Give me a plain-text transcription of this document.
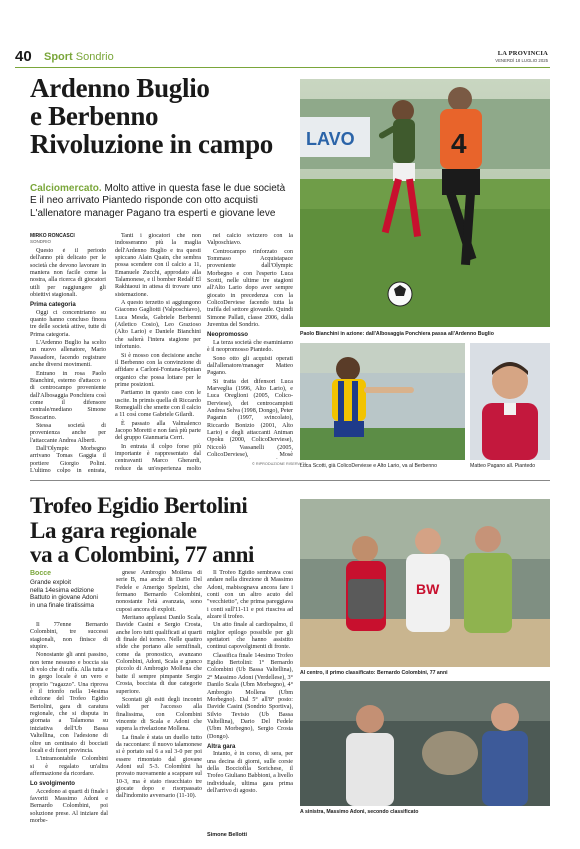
40 Sport Sondrio	LA PROVINCIA
VENERDÌ 18 LUGLIO 2025
Ardenno Buglio
e Berbenno
Rivoluzione in campo
Calciomercato. Molto attive in questa fase le due società E il neo arrivato Piantedo risponde con otto acquisti L'allenatore manager Pagano tra esperti e giovane leve
MIRKO RONCASCI
SONDRIO

Questo è il periodo dell'anno più delicato per le società che devono lavorare in maniera non facile come la nostra, alla ricerca di giocatori utili per raggiungere gli obiettivi stagionali.

Prima categoria

Oggi ci concentriamo su quanto hanno concluso finora tre delle società attive, tutte di Prima categoria.

L'Ardenno Buglio ha scelto un nuovo allenatore, Mario Passadore, facendo registrare anche diversi movimenti.

Entrano in rosa Paolo Bianchini, esterno d'attacco o di centrocampo proveniente dall'Albosaggia Ponchiera così come il difensore centrale/mediano Simone Boscarino.

Stessa società di provenienza anche per l'attaccante Andrea Alberti.

Dall'Olympic Morbegno arrivano Tomas Gaggia il portiere Giorgio Polini. L'ultimo colpo in entrata,

Tanti i giocatori che non indosseranno più la maglia dell'Ardenno Buglio e tra questi spiccano Alain Quain, che sembra possa scendere con il calcio a 11, Emanuele Zucchi, approdato alla Talamonese, e il bomber Redalf El Rakhtaoui in attesa di trovare uno sistemazione.

A questo terzetto si aggiungono Giacomo Gagliotti (Valposchiavo), Luca Mesda, Gabriele Berbenni (Atletico Cosio), Leo Grazioso (Alto Lario) e Daniele Bianchini che salterà l'intera stagione per infortunio.

Si è mosso con decisione anche il Berbenno con la convinzione di affidare a Carloni-Fontana-Spinian organico che possa lottare per le prime posizioni.

Partiamo in questo caso con le uscite. In primis quella di Riccardo Romegialli che smette con il calcio a 11 così come Gabriele Gilardi.

È passato alla Valmalenco Jacopo Moretti e non farà più parte del gruppo Gianmaria Cerri.

In entrata il colpo forse più importante è rappresentato dal centravanti Marco Gherardi, reduce da un'esperienza molto

nel calcio svizzero con la Valposchiavo.

Centrocampo rinforzato con Tommaso Acquistapace proveniente dall'Olympic Morbegno e con l'esperto Luca Scotti, nelle ultime tre stagioni all'Alto Lario dopo aver sempre giocato in precedenza con la ColicoDerviese facendo tutta la trafila del settore giovanile. Quindi Simone Pallati, classe 2006, dalla Juventus del Sondrio.

Neopromosso

La terza società che esaminiamo è il neopromosso Piantedo.

Sono otto gli acquisti operati dall'allenatore/manager Matteo Pagano.

Si tratta dei difensori Luca Marveglia (1996, Alto Lario), e Luca Oreglioni (2005, Colico-Derviese), dei centrocampisti Andrea Selva (1998, Dongo), Peter Paganin (1997, svincolato), Riccardo Bonizio (2001, Alto Lario) e degli attaccanti Animan Opoku (2000, ColicoDerviese), Niccolò Vassanelli (2005, ColicoDerviese), Mosè

© RIPRODUZIONE RISERVATA
LAVO	4
Paolo Bianchini in azione: dall'Albosaggia Ponchiera passa all'Ardenno Buglio
Luca Scotti, già ColicoDerviese e Alto Lario, va al Berbenno	Matteo Pagano all. Piantedo
Trofeo Egidio Bertolini
La gara regionale
va a Colombini, 77 anni
Bocce
Grande exploit
nella 14esima edizione
Battuto in giovane Adoni
in una finale tiratissima

Il 77enne Bernardo Colombini, tre successi stagionali, non finisce di stupire.

Nonostante gli anni passino, non teme nessuno e boccia sia di volo che di raffa. Alla tutta e in gergo locale è un vero e proprio "ragazzo". Una riprova è il trionfo nella 14esima edizione del Trofeo Egidio Bertolini, gara di caratura regionale, che si disputa in giornata a Talamona su iniziativa dell'Ub Bassa Valtellina, con l'adesione di oltre un centinaio di bocciati locali e di fuori provincia.

L'intramontabile Colombini si è regalato un'altra affermazione da ricordare.

Lo svolgimento

Accedono ai quarti di finale i favoriti Massimo Adoni e Bernardo Colombini, poi soluzione prese. Al iniziare dal morbe-

gnese Ambrogio Mollena di serie B, ma anche di Dario Del Fedele e Amerigo Spelzini, che fermano Bernardo Colombini, nonostante l'età avanzata, sono cuposi ancora di exploit.

Meritano applausi Danilo Scala, Davide Casini e Sergio Crosta, anche loro tutti qualificati ai quarti di finale del torneo. Nelle quattro sfide che portano alle semifinali, come da pronostico, avanzano Colombini, Adoni, Scala e granco piccolo di Ambrogio Mollena che batte il sempre pimpante Sergio Crosta, boccista di due categorie superiore.

Scontati gli esiti degli incontri validi per l'accesso alla finalissima, con Colombini vincente di Scala e Adoni che supera la rivelazione Mollena.

La finale è stata un duello tutto da raccontare: il nuovo talamonese si è portato sul 6 a sul 3-0 per poi essere rimontato dal giovane Adoni sul 5-3. Colombini ha provato nuovamente a scappare sul 10-3, ma è stato risucchiato tre giocate dopo e risorpassato dall'indomito avversario (11-10).

Il Trofeo Egidio sembrava così andare nella direzione di Massimo Adoni, mabisognava ancora fare i conti con un altro acuto del "vecchietto", che prima pareggiava i conti sull'11-11 e poi riusciva ad alzare il trofeo.

Un atto finale al cardiopalmo, il miglior epilogo possibile per gli spettatori che hanno assistito continui capovolgimenti di fronte.

Classifica finale 14esimo Trofeo Egidio Bertolini: 1° Bernardo Colombini (Ub Bassa Valtellina), 2° Massimo Adoni (Verdellese), 3° Danilo Scala (Ubm Morbegno), 4° Ambrogio Mollena (Ubm Morbegno). Dal 5° all'8° posto: Davide Casini (Sondrio Sportiva), Silvio Tevisio (Ub Bassa Valtellina), Dario Del Fedele (Ubm Morbegno), Sergio Crosta (Dongo).

Altra gara

Intanto, è in corso, di sera, per una decina di giorni, sulle corsie della Bocciofila Sorichese, il Trofeo Giuliano Babbioni, a livello individuale, ultima gara prima dell'arrivo di agosto.

Simone Bellotti
BW
Al centro, il primo classificato: Bernardo Colombini, 77 anni
A sinistra, Massimo Adoni, secondo classificato
